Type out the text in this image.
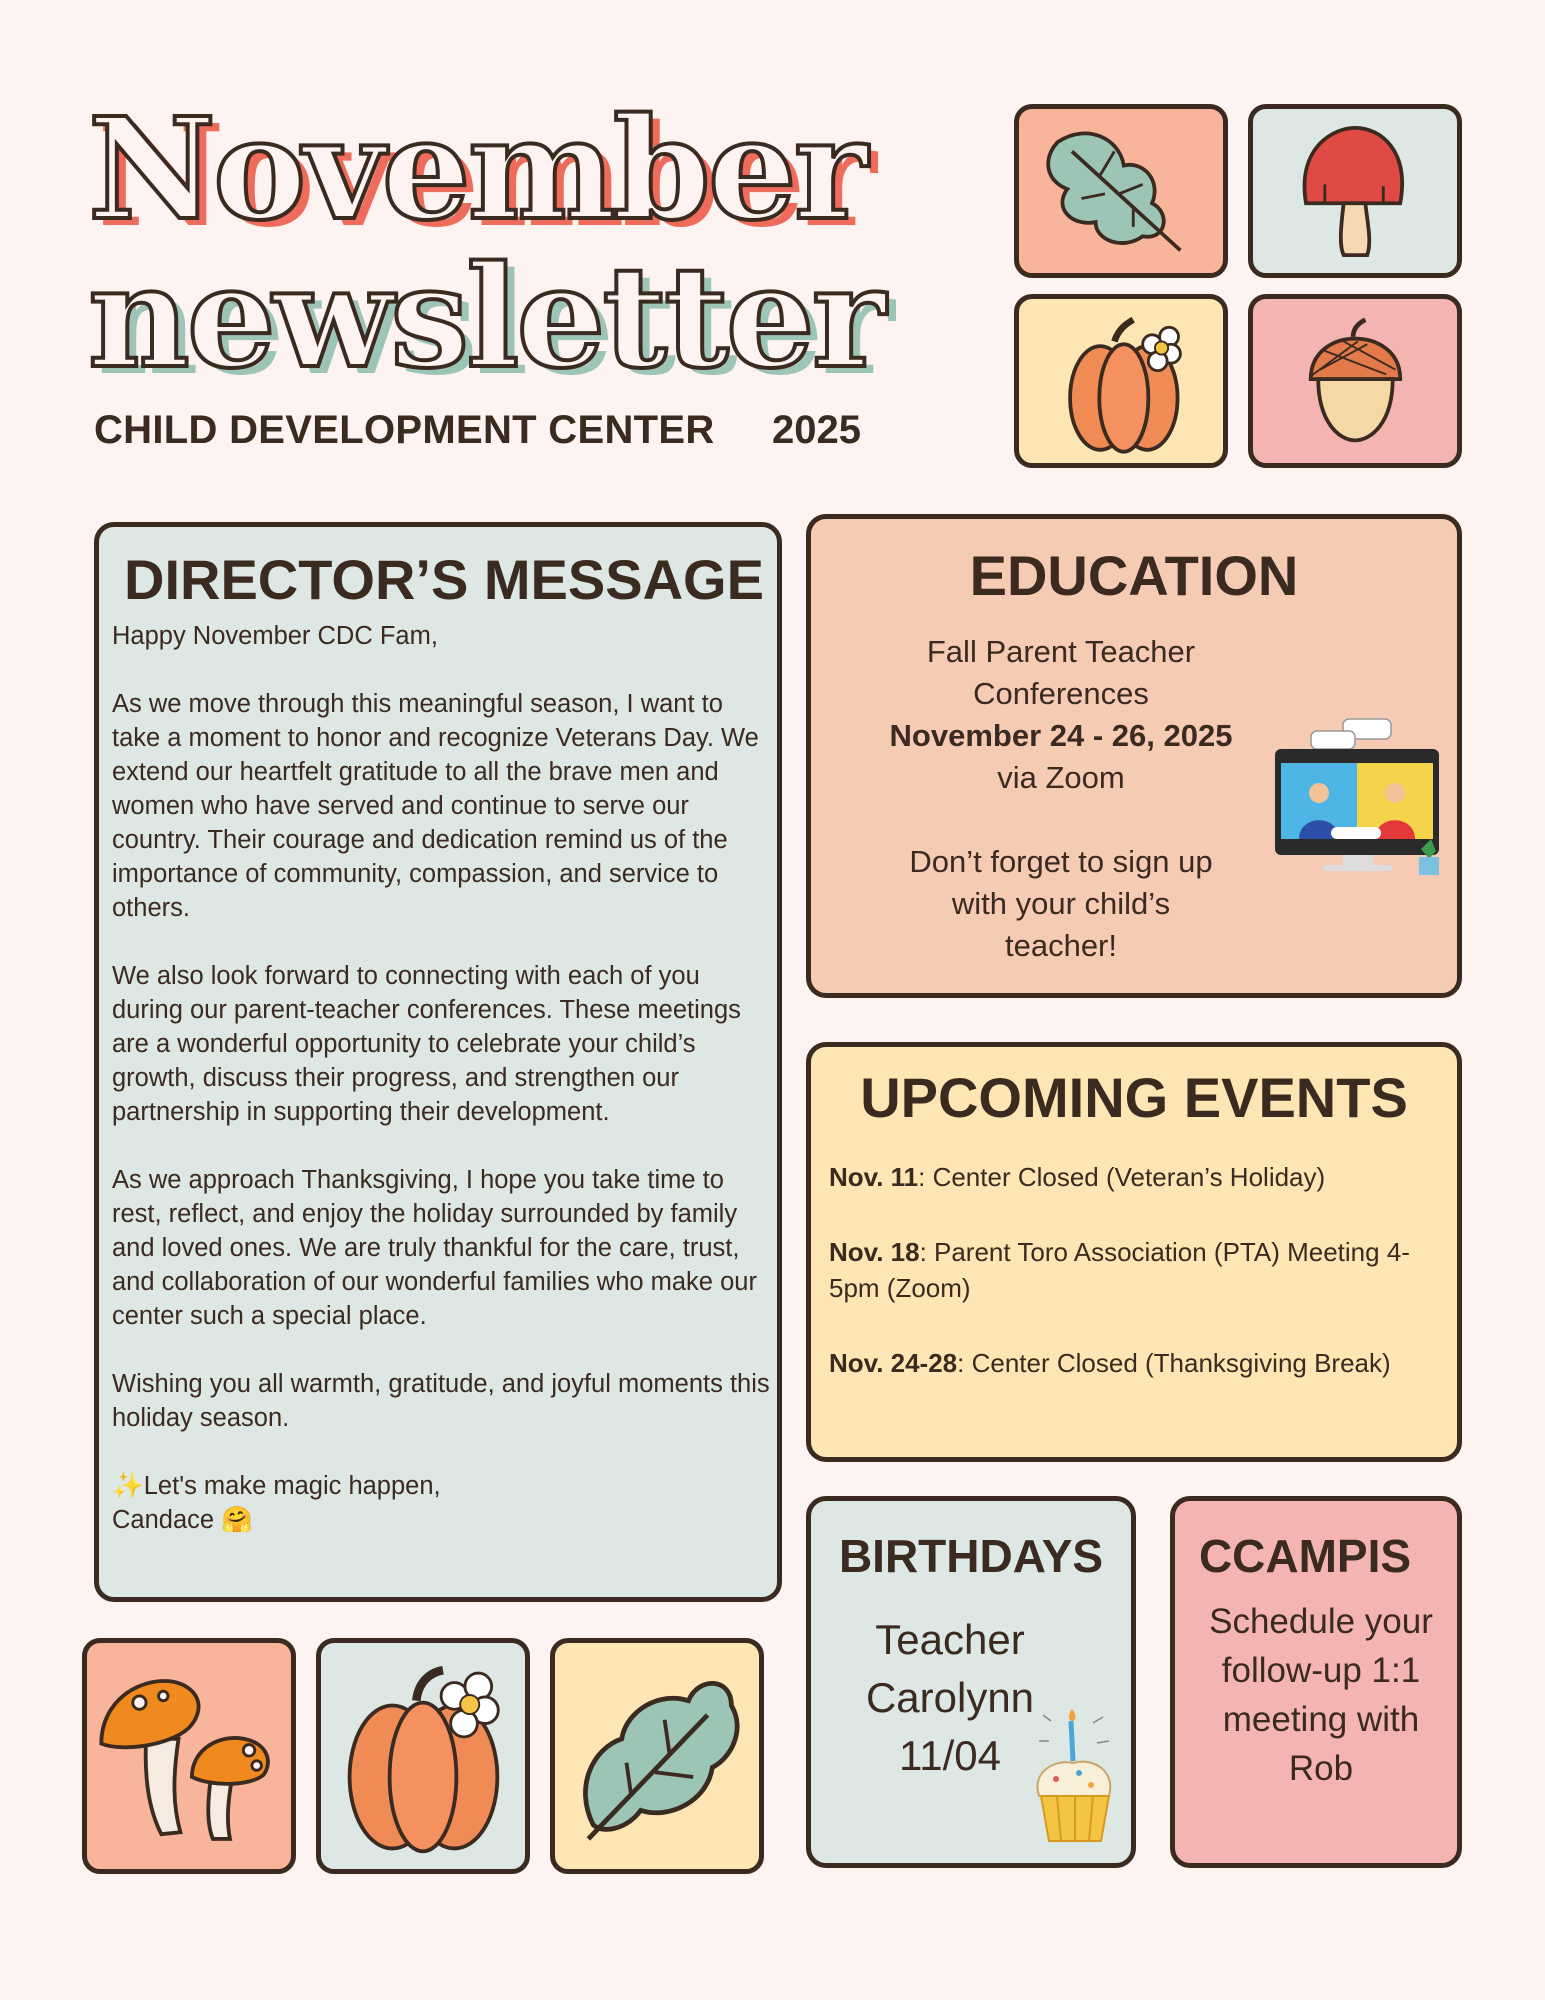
November
newsletter
CHILD DEVELOPMENT CENTER 2025
DIRECTOR’S MESSAGE

Happy November CDC Fam,

As we move through this meaningful season, I want to take a moment to honor and recognize Veterans Day. We extend our heartfelt gratitude to all the brave men and women who have served and continue to serve our country. Their courage and dedication remind us of the importance of community, compassion, and service to others.

We also look forward to connecting with each of you during our parent-teacher conferences. These meetings are a wonderful opportunity to celebrate your child’s growth, discuss their progress, and strengthen our partnership in supporting their development.

As we approach Thanksgiving, I hope you take time to rest, reflect, and enjoy the holiday surrounded by family and loved ones. We are truly thankful for the care, trust, and collaboration of our wonderful families who make our center such a special place.

Wishing you all warmth, gratitude, and joyful moments this holiday season.

✨Let's make magic happen,

Candace 🤗

EDUCATION
Fall Parent Teacher
Conferences
November 24 - 26, 2025
via Zoom
Don’t forget to sign up
with your child’s
teacher!
UPCOMING EVENTS
Nov. 11: Center Closed (Veteran’s Holiday)
Nov. 18: Parent Toro Association (PTA) Meeting 4-5pm (Zoom)
Nov. 24-28: Center Closed (Thanksgiving Break)
BIRTHDAYS
Teacher
Carolynn
11/04
CCAMPIS
Schedule your
follow-up 1:1
meeting with
Rob
